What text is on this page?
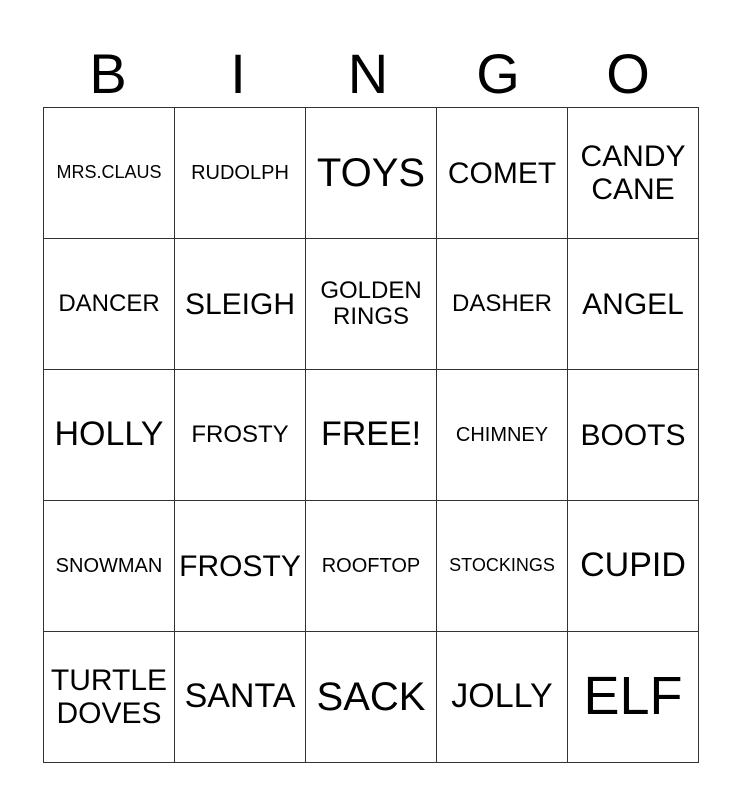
B	I	N	G	O
MRS.CLAUS	RUDOLPH	TOYS	COMET	CANDY CANE
DANCER	SLEIGH	GOLDEN RINGS	DASHER	ANGEL
HOLLY	FROSTY	FREE!	CHIMNEY	BOOTS
SNOWMAN	FROSTY	ROOFTOP	STOCKINGS	CUPID
TURTLE DOVES	SANTA	SACK	JOLLY	ELF
